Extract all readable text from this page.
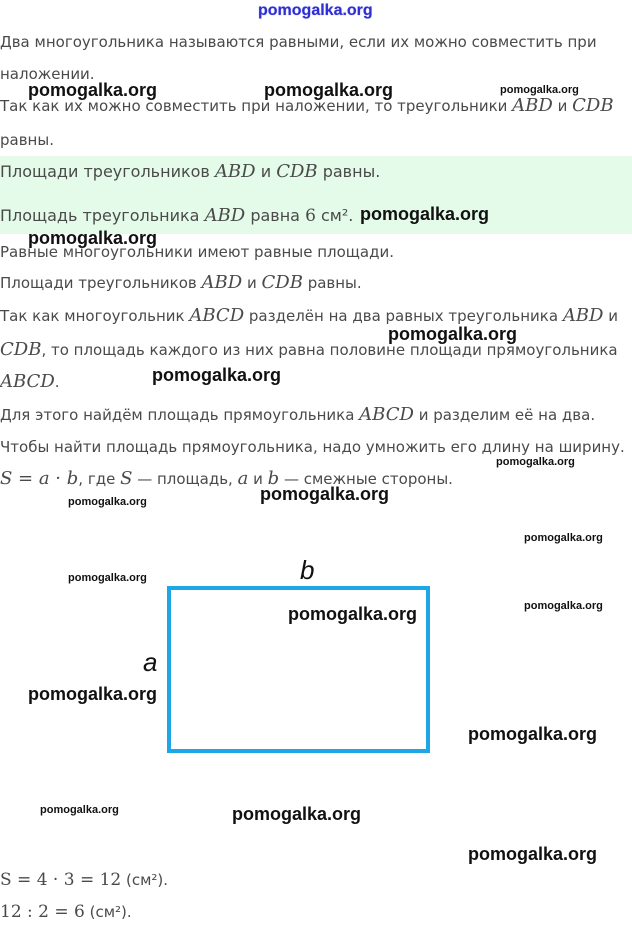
pomogalka.org
Два многоугольника называются равными, если их можно совместить при
наложении.
Так как их можно совместить при наложении, то треугольники ABD и CDB
равны.
Площади треугольников ABD и CDB равны.
Площадь треугольника ABD равна 6 см².
Равные многоугольники имеют равные площади.
Площади треугольников ABD и CDB равны.
Так как многоугольник ABCD разделён на два равных треугольника ABD и
CDB, то площадь каждого из них равна половине площади прямоугольника
ABCD.
Для этого найдём площадь прямоугольника ABCD и разделим её на два.
Чтобы найти площадь прямоугольника, надо умножить его длину на ширину.
S = a · b, где S — площадь, a и b — смежные стороны.
b
a
S = 4 · 3 = 12 (см²).
12 : 2 = 6 (см²).
pomogalka.org	pomogalka.org	pomogalka.org
pomogalka.org
pomogalka.org
pomogalka.org
pomogalka.org
pomogalka.org
pomogalka.org
pomogalka.org
pomogalka.org
pomogalka.org
pomogalka.org
pomogalka.org
pomogalka.org
pomogalka.org
pomogalka.org	pomogalka.org
pomogalka.org
